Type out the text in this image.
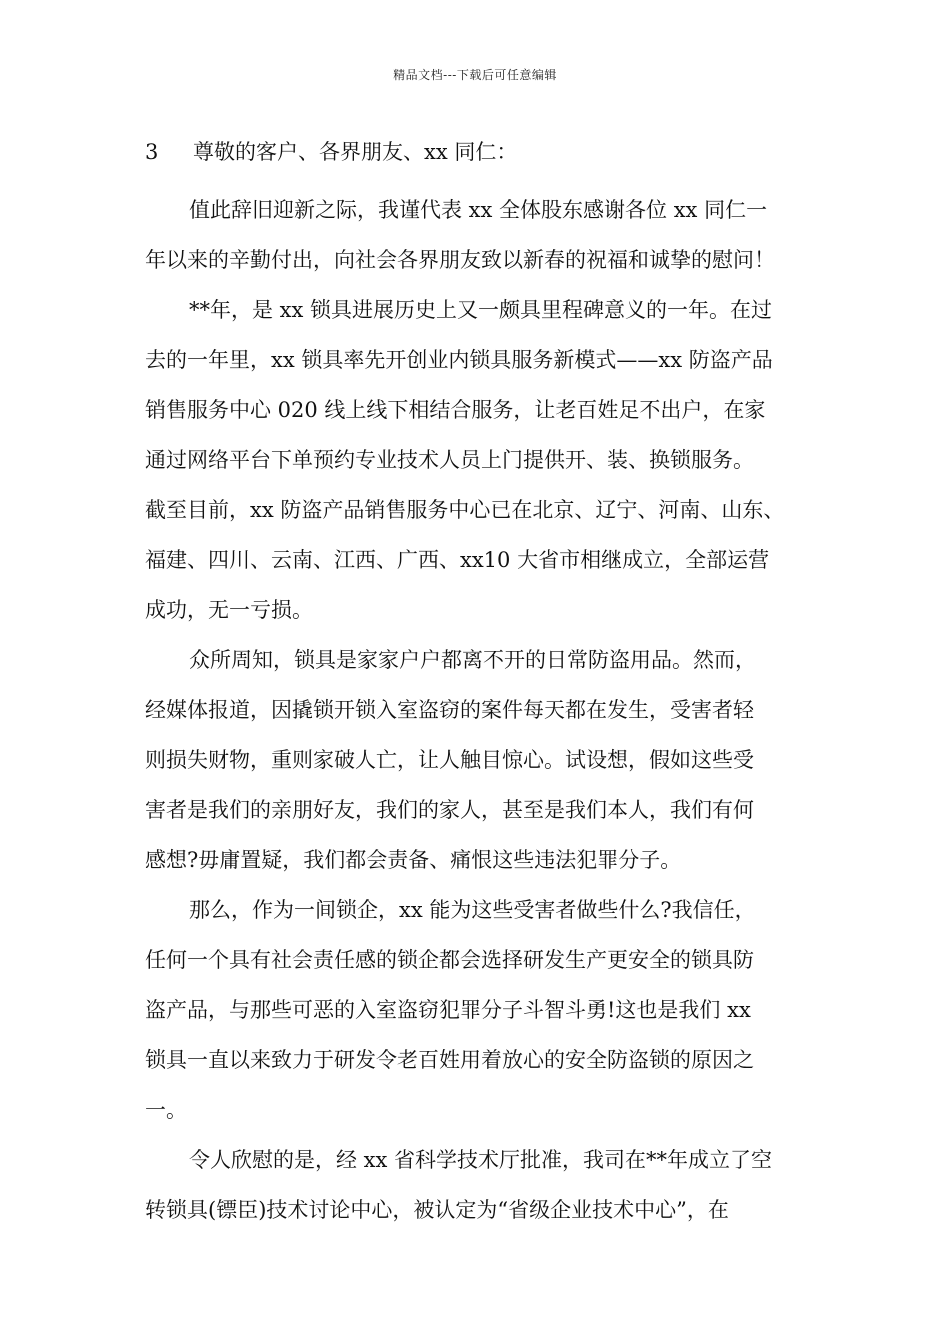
精品文档---下载后可任意编辑
3 尊敬的客户、各界朋友、xx 同仁：
值此辞旧迎新之际，我谨代表 xx 全体股东感谢各位 xx 同仁一
年以来的辛勤付出，向社会各界朋友致以新春的祝福和诚挚的慰问！
**年，是 xx 锁具进展历史上又一颇具里程碑意义的一年。在过
去的一年里，xx 锁具率先开创业内锁具服务新模式——xx 防盗产品
销售服务中心 020 线上线下相结合服务，让老百姓足不出户，在家
通过网络平台下单预约专业技术人员上门提供开、装、换锁服务。
截至目前，xx 防盗产品销售服务中心已在北京、辽宁、河南、山东、
福建、四川、云南、江西、广西、xx10 大省市相继成立，全部运营
成功，无一亏损。
众所周知，锁具是家家户户都离不开的日常防盗用品。然而，
经媒体报道，因撬锁开锁入室盗窃的案件每天都在发生，受害者轻
则损失财物，重则家破人亡，让人触目惊心。试设想，假如这些受
害者是我们的亲朋好友，我们的家人，甚至是我们本人，我们有何
感想?毋庸置疑，我们都会责备、痛恨这些违法犯罪分子。
那么，作为一间锁企，xx 能为这些受害者做些什么?我信任，
任何一个具有社会责任感的锁企都会选择研发生产更安全的锁具防
盗产品，与那些可恶的入室盗窃犯罪分子斗智斗勇!这也是我们 xx
锁具一直以来致力于研发令老百姓用着放心的安全防盗锁的原因之
一。
令人欣慰的是，经 xx 省科学技术厅批准，我司在**年成立了空
转锁具(镖臣)技术讨论中心，被认定为“省级企业技术中心”，在
